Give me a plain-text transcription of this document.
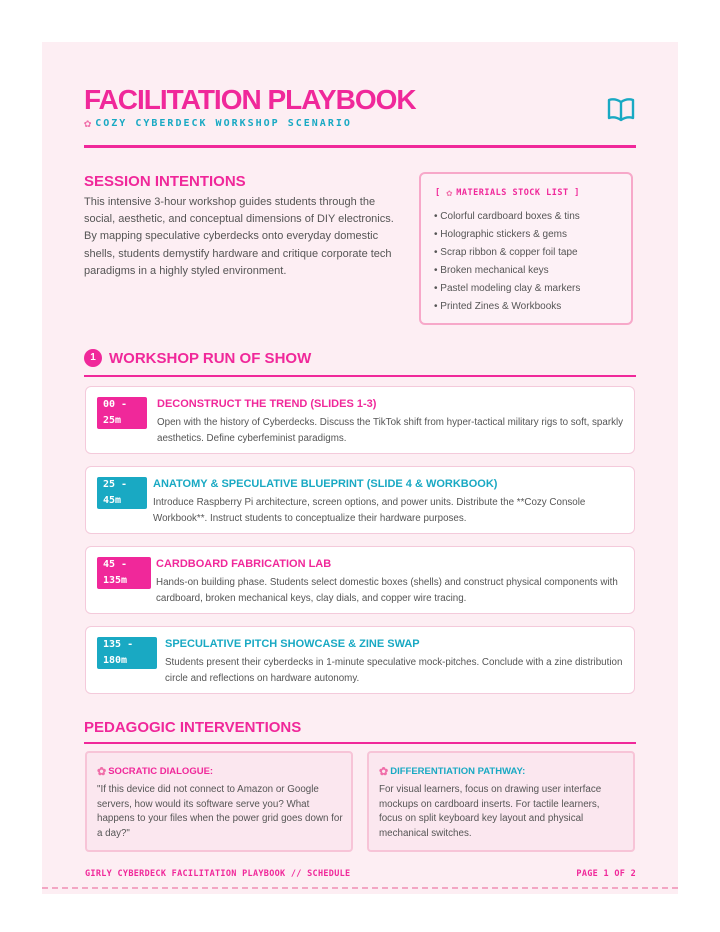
FACILITATION PLAYBOOK
✿ COZY CYBERDECK WORKSHOP SCENARIO
SESSION INTENTIONS

This intensive 3-hour workshop guides students through the social, aesthetic, and conceptual dimensions of DIY electronics. By mapping speculative cyberdecks onto everyday domestic shells, students demystify hardware and critique corporate tech paradigms in a highly styled environment.

[ ✿ MATERIALS STOCK LIST ]
• Colorful cardboard boxes & tins
• Holographic stickers & gems
• Scrap ribbon & copper foil tape
• Broken mechanical keys
• Pastel modeling clay & markers
• Printed Zines & Workbooks
1 WORKSHOP RUN OF SHOW
00 -
25m
DECONSTRUCT THE TREND (SLIDES 1-3)

Open with the history of Cyberdecks. Discuss the TikTok shift from hyper-tactical military rigs to soft, sparkly aesthetics. Define cyberfeminist paradigms.

25 -
45m
ANATOMY & SPECULATIVE BLUEPRINT (SLIDE 4 & WORKBOOK)

Introduce Raspberry Pi architecture, screen options, and power units. Distribute the **Cozy Console Workbook**. Instruct students to conceptualize their hardware purposes.

45 -
135m
CARDBOARD FABRICATION LAB

Hands-on building phase. Students select domestic boxes (shells) and construct physical components with cardboard, broken mechanical keys, clay dials, and copper wire tracing.

135 -
180m
SPECULATIVE PITCH SHOWCASE & ZINE SWAP

Students present their cyberdecks in 1-minute speculative mock-pitches. Conclude with a zine distribution circle and reflections on hardware autonomy.

PEDAGOGIC INTERVENTIONS
✿ SOCRATIC DIALOGUE:

"If this device did not connect to Amazon or Google servers, how would its software serve you? What happens to your files when the power grid goes down for a day?"

✿ DIFFERENTIATION PATHWAY:

For visual learners, focus on drawing user interface mockups on cardboard inserts. For tactile learners, focus on split keyboard key layout and physical mechanical switches.

GIRLY CYBERDECK FACILITATION PLAYBOOK // SCHEDULE	PAGE 1 OF 2
